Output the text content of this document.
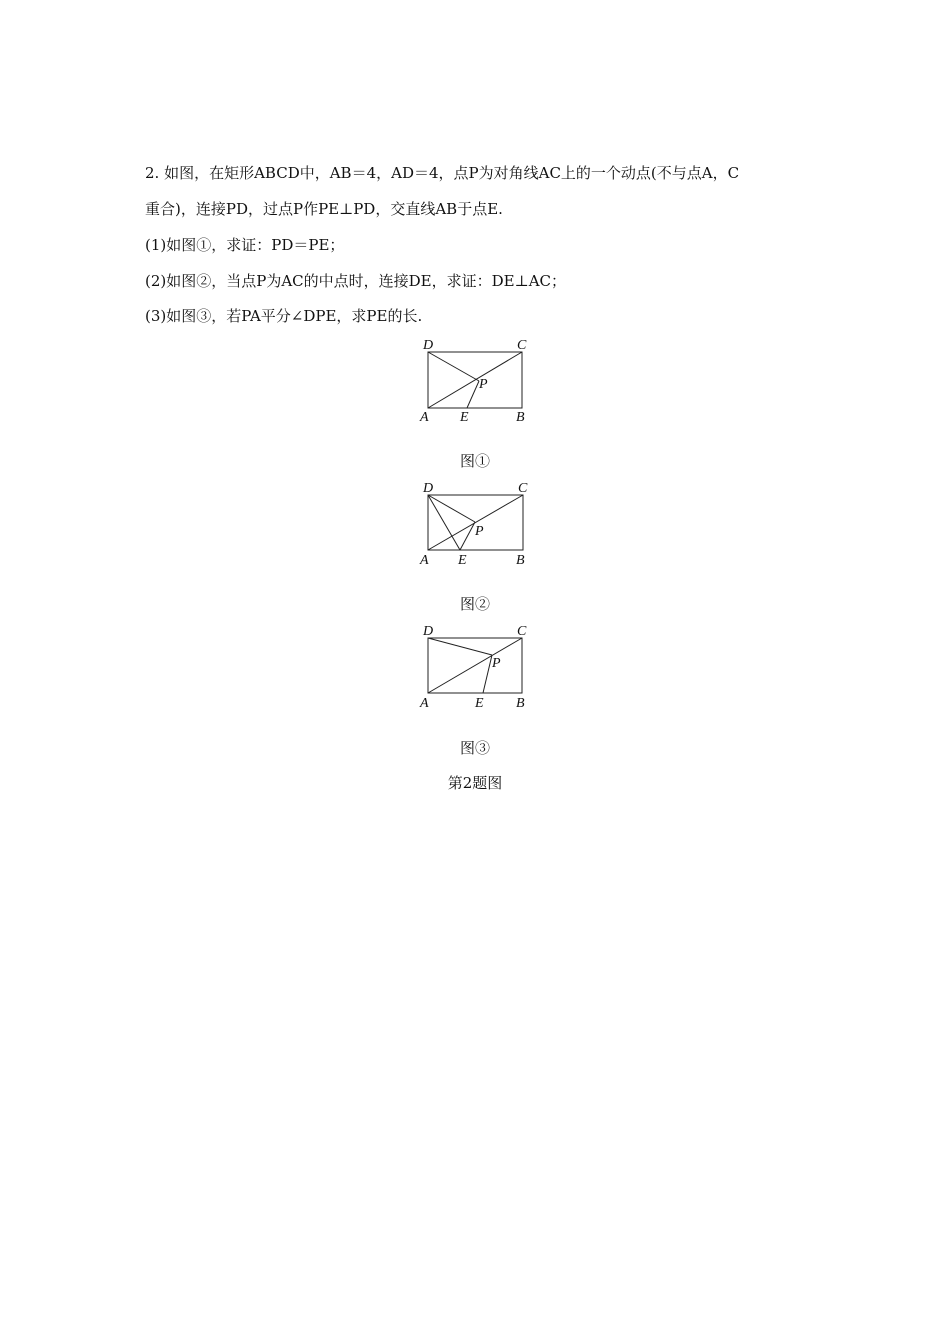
2. 如图，在矩形ABCD中，AB＝4，AD＝4，点P为对角线AC上的一个动点(不与点A，C
重合)，连接PD，过点P作PE⊥PD，交直线AB于点E.
(1)如图①，求证：PD＝PE；
(2)如图②，当点P为AC的中点时，连接DE，求证：DE⊥AC；
(3)如图③，若PA平分∠DPE，求PE的长.
D	C
P
A E	B
图①
D	C
P
A E	B
图②
D	C
P
A	E B
图③
第2题图
